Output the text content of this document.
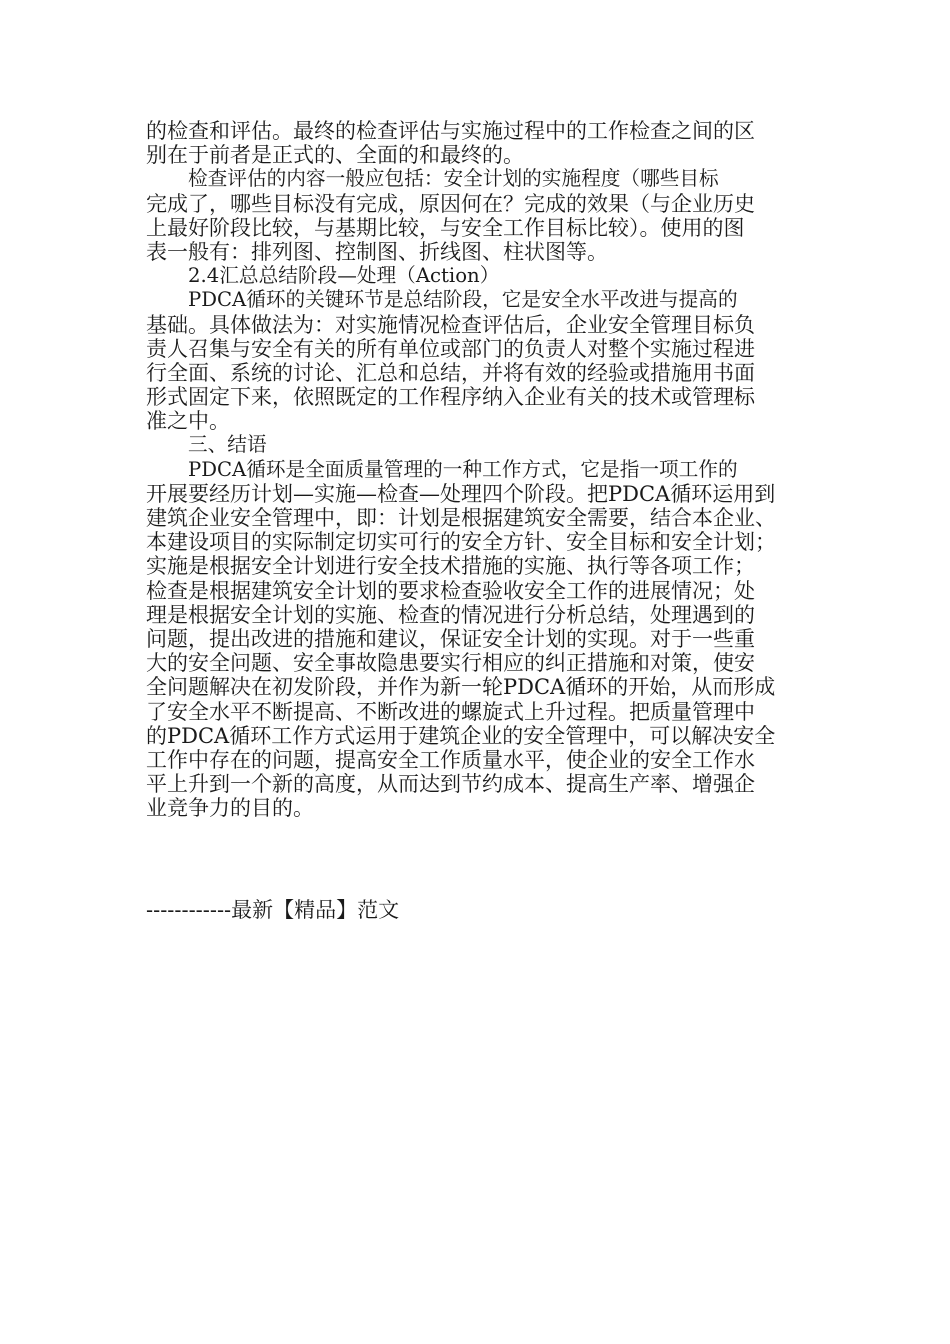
的检查和评估。最终的检查评估与实施过程中的工作检查之间的区
别在于前者是正式的、全面的和最终的。
检查评估的内容一般应包括：安全计划的实施程度（哪些目标
完成了，哪些目标没有完成，原因何在？完成的效果（与企业历史
上最好阶段比较，与基期比较，与安全工作目标比较）。使用的图
表一般有：排列图、控制图、折线图、柱状图等。
2.4汇总总结阶段—处理（Action）
PDCA循环的关键环节是总结阶段，它是安全水平改进与提高的
基础。具体做法为：对实施情况检查评估后，企业安全管理目标负
责人召集与安全有关的所有单位或部门的负责人对整个实施过程进
行全面、系统的讨论、汇总和总结，并将有效的经验或措施用书面
形式固定下来，依照既定的工作程序纳入企业有关的技术或管理标
准之中。
三、结语
PDCA循环是全面质量管理的一种工作方式，它是指一项工作的
开展要经历计划—实施—检查—处理四个阶段。把PDCA循环运用到
建筑企业安全管理中，即：计划是根据建筑安全需要，结合本企业、
本建设项目的实际制定切实可行的安全方针、安全目标和安全计划；
实施是根据安全计划进行安全技术措施的实施、执行等各项工作；
检查是根据建筑安全计划的要求检查验收安全工作的进展情况；处
理是根据安全计划的实施、检查的情况进行分析总结，处理遇到的
问题，提出改进的措施和建议，保证安全计划的实现。对于一些重
大的安全问题、安全事故隐患要实行相应的纠正措施和对策，使安
全问题解决在初发阶段，并作为新一轮PDCA循环的开始，从而形成
了安全水平不断提高、不断改进的螺旋式上升过程。把质量管理中
的PDCA循环工作方式运用于建筑企业的安全管理中，可以解决安全
工作中存在的问题，提高安全工作质量水平，使企业的安全工作水
平上升到一个新的高度，从而达到节约成本、提高生产率、增强企
业竞争力的目的。
------------最新【精品】范文
